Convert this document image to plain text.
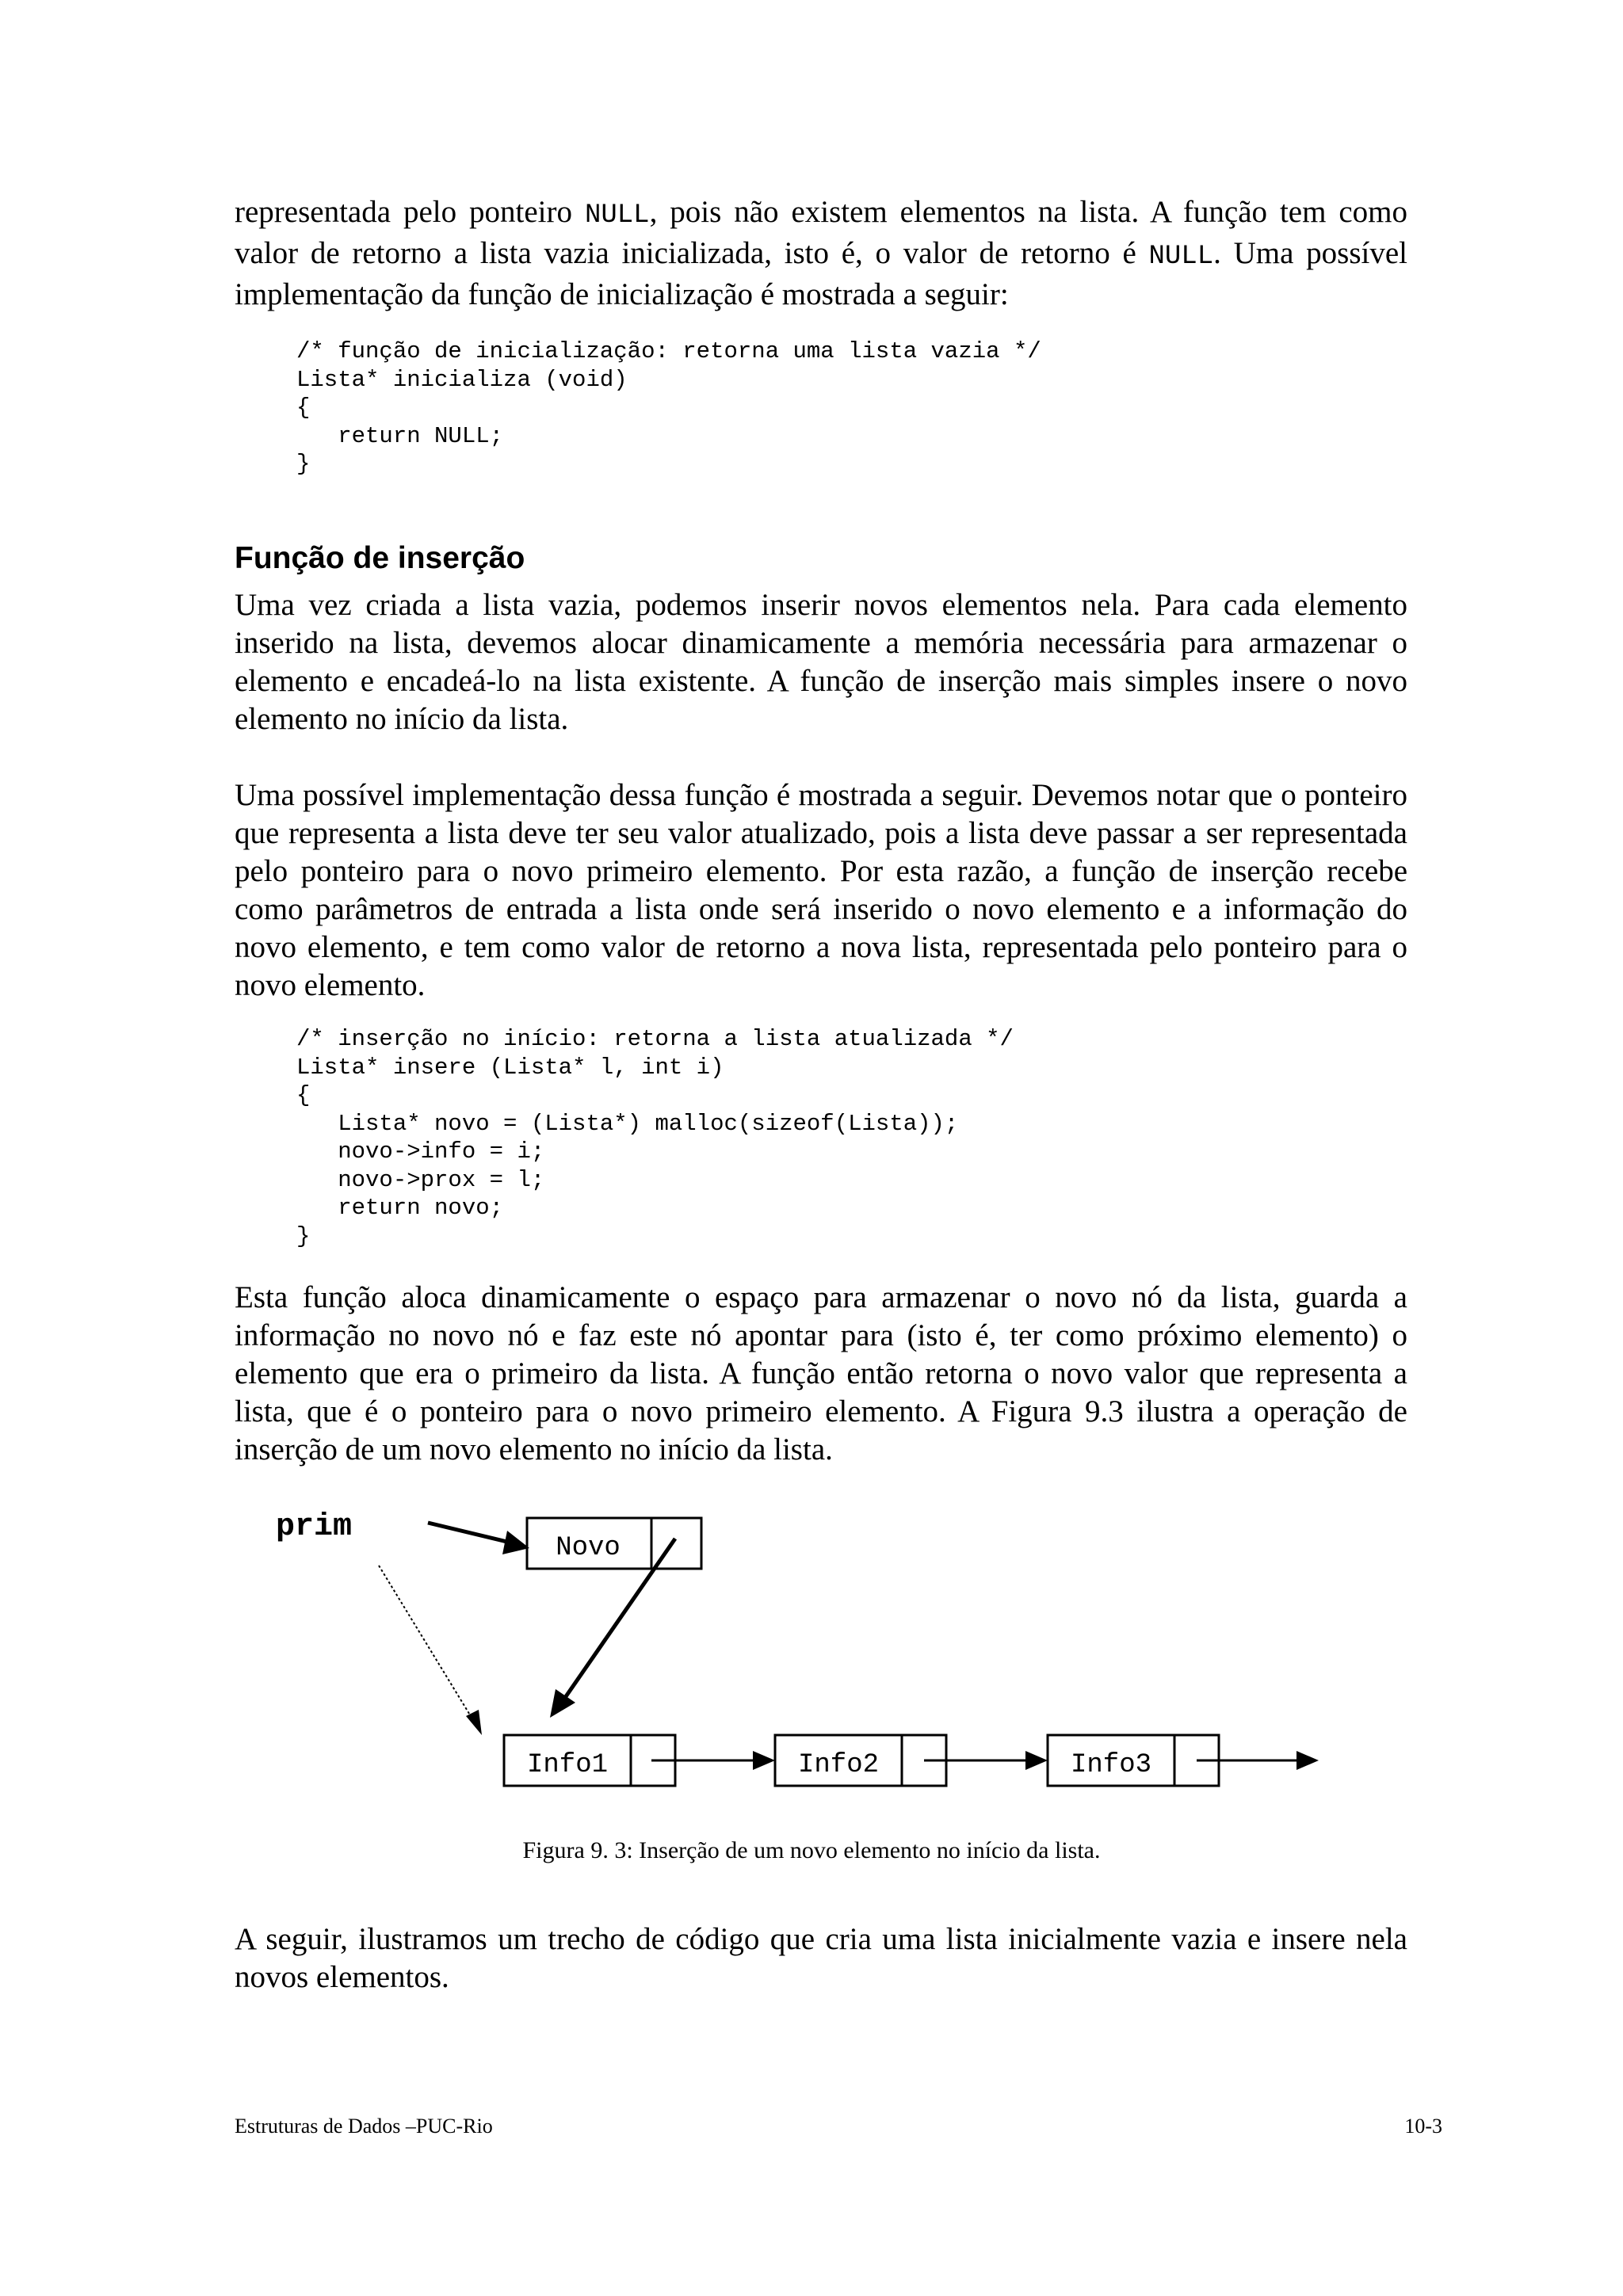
representada pelo ponteiro NULL, pois não existem elementos na lista. A função tem como valor de retorno a lista vazia inicializada, isto é, o valor de retorno é NULL. Uma possível implementação da função de inicialização é mostrada a seguir:

/* função de inicialização: retorna uma lista vazia */
Lista* inicializa (void)
{
return NULL;
}
Função de inserção

Uma vez criada a lista vazia, podemos inserir novos elementos nela. Para cada elemento inserido na lista, devemos alocar dinamicamente a memória necessária para armazenar o elemento e encadeá-lo na lista existente. A função de inserção mais simples insere o novo elemento no início da lista.

Uma possível implementação dessa função é mostrada a seguir. Devemos notar que o ponteiro que representa a lista deve ter seu valor atualizado, pois a lista deve passar a ser representada pelo ponteiro para o novo primeiro elemento. Por esta razão, a função de inserção recebe como parâmetros de entrada a lista onde será inserido o novo elemento e a informação do novo elemento, e tem como valor de retorno a nova lista, representada pelo ponteiro para o novo elemento.

/* inserção no início: retorna a lista atualizada */
Lista* insere (Lista* l, int i)
{
Lista* novo = (Lista*) malloc(sizeof(Lista));
novo->info = i;
novo->prox = l;
return novo;
}

Esta função aloca dinamicamente o espaço para armazenar o novo nó da lista, guarda a informação no novo nó e faz este nó apontar para (isto é, ter como próximo elemento) o elemento que era o primeiro da lista. A função então retorna o novo valor que representa a lista, que é o ponteiro para o novo primeiro elemento. A Figura 9.3 ilustra a operação de inserção de um novo elemento no início da lista.

prim
Novo
Info1	Info2	Info3

Figura 9. 3: Inserção de um novo elemento no início da lista.

A seguir, ilustramos um trecho de código que cria uma lista inicialmente vazia e insere nela novos elementos.

Estruturas de Dados –PUC-Rio	10-3
